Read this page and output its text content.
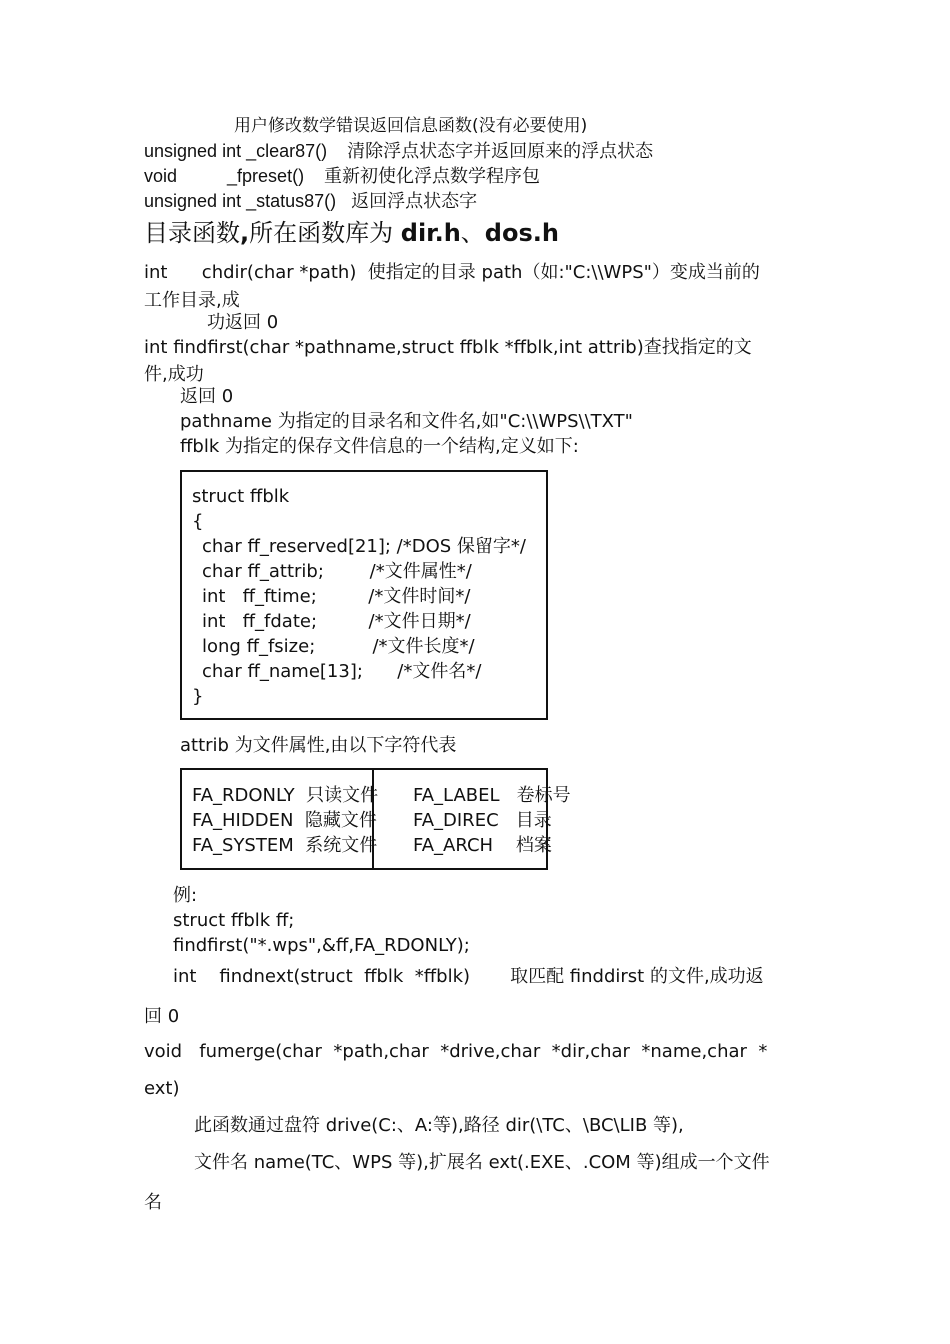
用户修改数学错误返回信息函数(没有必要使用)
unsigned int _clear87()    清除浮点状态字并返回原来的浮点状态
void          _fpreset()    重新初使化浮点数学程序包
unsigned int _status87()   返回浮点状态字
目录函数,所在函数库为 dir.h、dos.h
int      chdir(char *path)  使指定的目录 path（如:"C:\\WPS"）变成当前的
工作目录,成
功返回 0
int findfirst(char *pathname,struct ffblk *ffblk,int attrib)查找指定的文
件,成功
返回 0
pathname 为指定的目录名和文件名,如"C:\\WPS\\TXT"
ffblk 为指定的保存文件信息的一个结构,定义如下:
struct ffblk
{
char ff_reserved[21]; /*DOS 保留字*/
char ff_attrib;        /*文件属性*/
int   ff_ftime;         /*文件时间*/
int   ff_fdate;         /*文件日期*/
long ff_fsize;          /*文件长度*/
char ff_name[13];      /*文件名*/
}
attrib 为文件属性,由以下字符代表
FA_RDONLY  只读文件
FA_HIDDEN  隐藏文件
FA_SYSTEM  系统文件
FA_LABEL   卷标号
FA_DIREC   目录
FA_ARCH    档案
例:
struct ffblk ff;
findfirst("*.wps",&ff,FA_RDONLY);
int    findnext(struct  ffblk  *ffblk)       取匹配 finddirst 的文件,成功返
回 0
void   fumerge(char  *path,char  *drive,char  *dir,char  *name,char  *
ext)
此函数通过盘符 drive(C:、A:等),路径 dir(\TC、\BC\LIB 等),
文件名 name(TC、WPS 等),扩展名 ext(.EXE、.COM 等)组成一个文件
名
